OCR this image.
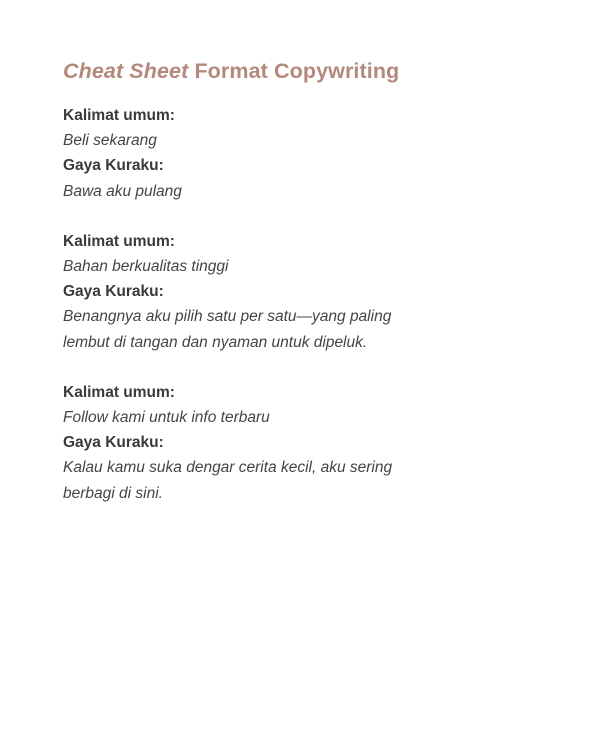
Cheat Sheet Format Copywriting
Kalimat umum:
Beli sekarang
Gaya Kuraku:
Bawa aku pulang
Kalimat umum:
Bahan berkualitas tinggi
Gaya Kuraku:
Benangnya aku pilih satu per satu—yang paling lembut di tangan dan nyaman untuk dipeluk.
Kalimat umum:
Follow kami untuk info terbaru
Gaya Kuraku:
Kalau kamu suka dengar cerita kecil, aku sering berbagi di sini.
